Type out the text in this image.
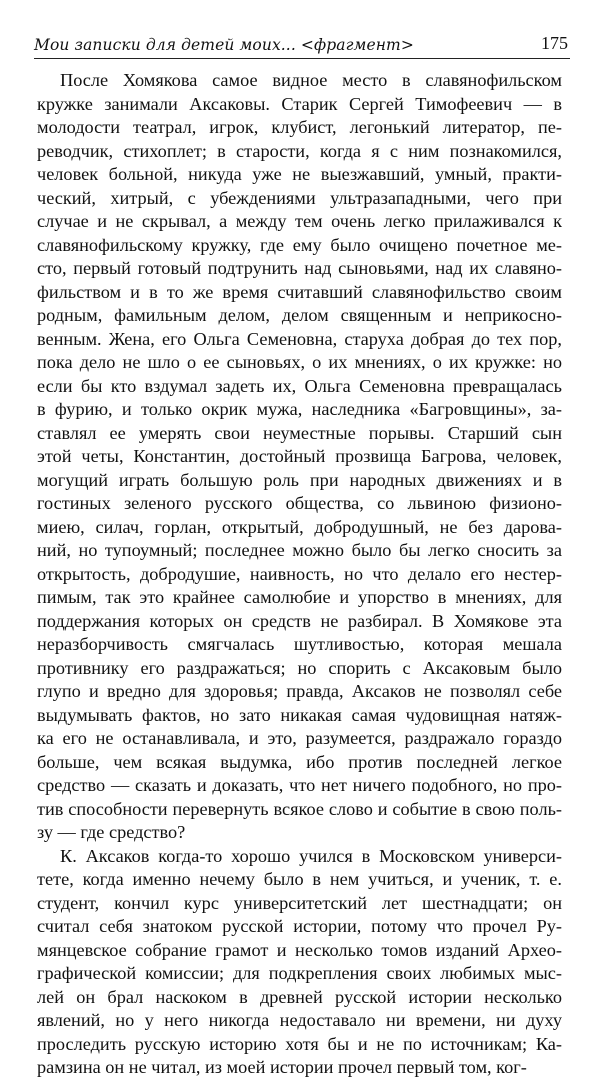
Мои записки для детей моих... <фрагмент>	175
После Хомякова самое видное место в славянофильском
кружке занимали Аксаковы. Старик Сергей Тимофеевич — в
молодости театрал, игрок, клубист, легонький литератор, пе-
реводчик, стихоплет; в старости, когда я с ним познакомился,
человек больной, никуда уже не выезжавший, умный, практи-
ческий, хитрый, с убеждениями ультразападными, чего при
случае и не скрывал, а между тем очень легко прилаживался к
славянофильскому кружку, где ему было очищено почетное ме-
сто, первый готовый подтрунить над сыновьями, над их славяно-
фильством и в то же время считавший славянофильство своим
родным, фамильным делом, делом священным и неприкосно-
венным. Жена, его Ольга Семеновна, старуха добрая до тех пор,
пока дело не шло о ее сыновьях, о их мнениях, о их кружке: но
если бы кто вздумал задеть их, Ольга Семеновна превращалась
в фурию, и только окрик мужа, наследника «Багровщины», за-
ставлял ее умерять свои неуместные порывы. Старший сын
этой четы, Константин, достойный прозвища Багрова, человек,
могущий играть большую роль при народных движениях и в
гостиных зеленого русского общества, со львиною физионо-
миею, силач, горлан, открытый, добродушный, не без дарова-
ний, но тупоумный; последнее можно было бы легко сносить за
открытость, добродушие, наивность, но что делало его нестер-
пимым, так это крайнее самолюбие и упорство в мнениях, для
поддержания которых он средств не разбирал. В Хомякове эта
неразборчивость смягчалась шутливостью, которая мешала
противнику его раздражаться; но спорить с Аксаковым было
глупо и вредно для здоровья; правда, Аксаков не позволял себе
выдумывать фактов, но зато никакая самая чудовищная натяж-
ка его не останавливала, и это, разумеется, раздражало гораздо
больше, чем всякая выдумка, ибо против последней легкое
средство — сказать и доказать, что нет ничего подобного, но про-
тив способности перевернуть всякое слово и событие в свою поль-
зу — где средство?
К. Аксаков когда-то хорошо учился в Московском универси-
тете, когда именно нечему было в нем учиться, и ученик, т. е.
студент, кончил курс университетский лет шестнадцати; он
считал себя знатоком русской истории, потому что прочел Ру-
мянцевское собрание грамот и несколько томов изданий Архео-
графической комиссии; для подкрепления своих любимых мыс-
лей он брал наскоком в древней русской истории несколько
явлений, но у него никогда недоставало ни времени, ни духу
проследить русскую историю хотя бы и не по источникам; Ка-
рамзина он не читал, из моей истории прочел первый том, ког-
